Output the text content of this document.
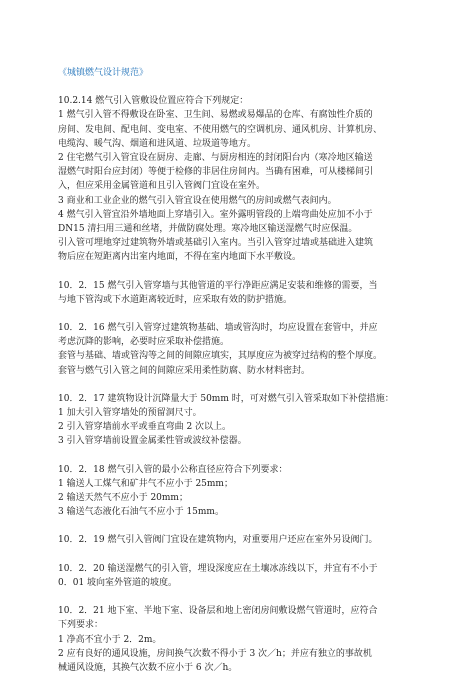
《城镇燃气设计规范》
10.2.14 燃气引入管敷设位置应符合下列规定：
1 燃气引入管不得敷设在卧室、卫生间、易燃或易爆品的仓库、有腐蚀性介质的
房间、发电间、配电间、变电室、不使用燃气的空调机房、通风机房、计算机房、
电缆沟、暖气沟、烟道和进风道、垃圾道等地方。
2 住宅燃气引入管宜设在厨房、走廊、与厨房相连的封闭阳台内（寒冷地区输送
湿燃气时阳台应封闭）等便于检修的非居住房间内。当确有困难，可从楼梯间引
入，但应采用金属管道和且引入管阀门宜设在室外。
3 商业和工业企业的燃气引入管宜设在使用燃气的房间或燃气表间内。
4 燃气引入管宜沿外墙地面上穿墙引入。室外露明管段的上端弯曲处应加不小于
DN15 清扫用三通和丝堵，并做防腐处理。寒冷地区输送湿燃气时应保温。
引入管可埋地穿过建筑物外墙或基础引入室内。当引入管穿过墙或基础进入建筑
物后应在短距离内出室内地面，不得在室内地面下水平敷设。
10．2．15 燃气引入管穿墙与其他管道的平行净距应满足安装和维修的需要，当
与地下管沟或下水道距离较近时，应采取有效的防护措施。
10．2．16 燃气引入管穿过建筑物基础、墙或管沟时，均应设置在套管中，并应
考虑沉降的影响，必要时应采取补偿措施。
套管与基础、墙或管沟等之间的间隙应填实，其厚度应为被穿过结构的整个厚度。
套管与燃气引入管之间的间隙应采用柔性防腐、防水材料密封。
10．2．17 建筑物设计沉降量大于 50mm 时，可对燃气引入管采取如下补偿措施：
1 加大引入管穿墙处的预留洞尺寸。
2 引入管穿墙前水平或垂直弯曲 2 次以上。
3 引入管穿墙前设置金属柔性管或波纹补偿器。
10．2．18 燃气引入管的最小公称直径应符合下列要求：
1 输送人工煤气和矿井气不应小于 25mm；
2 输送天然气不应小于 20mm；
3 输送气态液化石油气不应小于 15mm。
10．2．19 燃气引入管阀门宜设在建筑物内，对重要用户还应在室外另设阀门。
10．2．20 输送湿燃气的引入管，埋设深度应在土壤冰冻线以下，并宜有不小于
0．01 坡向室外管道的坡度。
10．2．21 地下室、半地下室、设备层和地上密闭房间敷设燃气管道时，应符合
下列要求：
1 净高不宜小于 2．2m。
2 应有良好的通风设施，房间换气次数不得小于 3 次／h；并应有独立的事故机
械通风设施，其换气次数不应小于 6 次／h。
